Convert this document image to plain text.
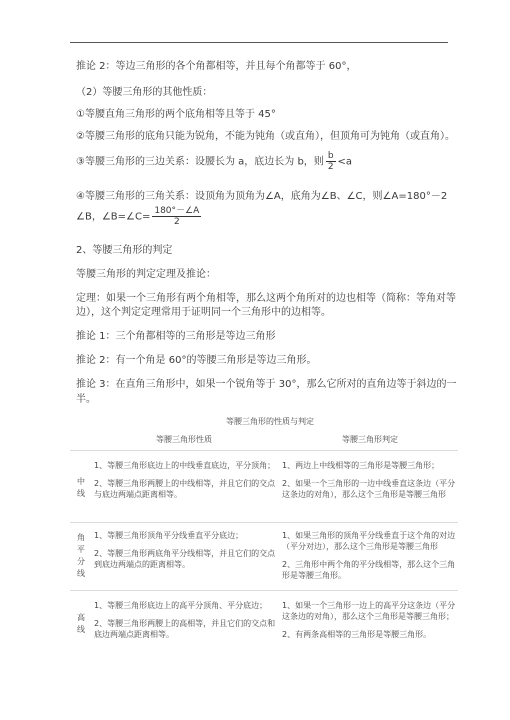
推论 2：等边三角形的各个角都相等，并且每个角都等于 60°，
（2）等腰三角形的其他性质：
①等腰直角三角形的两个底角相等且等于 45°
②等腰三角形的底角只能为锐角，不能为钝角（或直角），但顶角可为钝角（或直角）。
③等腰三角形的三边关系：设腰长为 a，底边长为 b，则 $\frac{b}{2} <a$
④等腰三角形的三角关系：设顶角为顶角为∠A，底角为∠B、∠C，则∠A=180°－2
∠B，∠B=∠C= $\frac{180^\circ-\angle A}{2}$
2、等腰三角形的判定
等腰三角形的判定定理及推论：
定理：如果一个三角形有两个角相等，那么这两个角所对的边也相等（简称：等角对等
边），这个判定定理常用于证明同一个三角形中的边相等。
推论 1：三个角都相等的三角形是等边三角形
推论 2：有一个角是 60°的等腰三角形是等边三角形。
推论 3：在直角三角形中，如果一个锐角等于 30°，那么它所对的直角边等于斜边的一
半。
等腰三角形的性质与判定
等腰三角形性质	等腰三角形判定
中
线

1、等腰三角形底边上的中线垂直底边，平分顶角；

2、等腰三角形两腰上的中线相等，并且它们的交点与底边两端点距离相等。

1、两边上中线相等的三角形是等腰三角形；

2、如果一个三角形的一边中线垂直这条边（平分这条边的对角），那么这个三角形是等腰三角形

角
平
分
线

1、等腰三角形顶角平分线垂直平分底边；

2、等腰三角形两底角平分线相等，并且它们的交点到底边两端点的距离相等。

1、如果三角形的顶角平分线垂直于这个角的对边（平分对边），那么这个三角形是等腰三角形

2、三角形中两个角的平分线相等，那么这个三角形是等腰三角形。

高
线

1、等腰三角形底边上的高平分顶角、平分底边；

2、等腰三角形两腰上的高相等，并且它们的交点和底边两端点距离相等。

1、如果一个三角形一边上的高平分这条边（平分这条边的对角），那么这个三角形是等腰三角形；

2、有两条高相等的三角形是等腰三角形。
